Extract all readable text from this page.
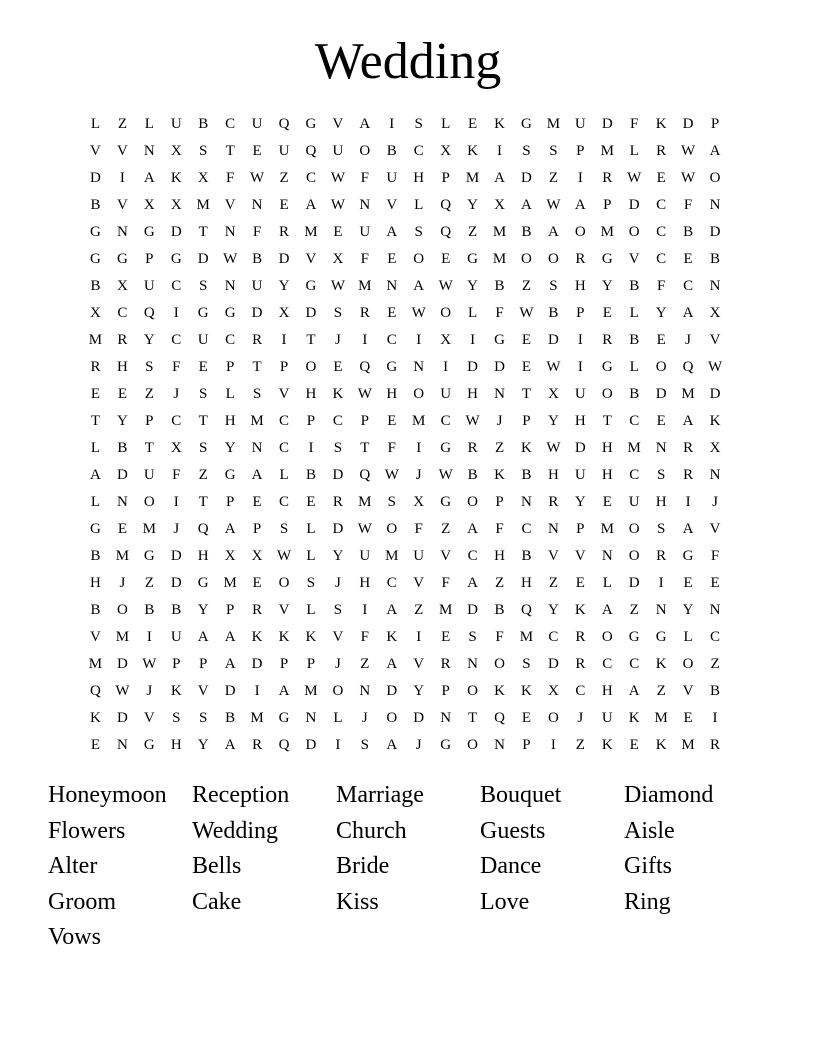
Wedding
L	Z	L	U	B	C	U	Q	G	V	A	I	S	L	E	K	G M U	D	F	K	D	P
V	V	N	X	S	T	E	U	Q	U	O	B	C	X	K	I	S	S	P	M	L	R W A
D	I	A	K	X	F	W	Z	C W	F	U	H	P	M A	D	Z	I	R W	E	W O
B	V	X	X M V	N	E	A W N	V	L	Q	Y	X	A W A	P	D	C	F	N
G	N	G	D	T	N	F	R	M	E	U	A	S	Q	Z	M	B	A	O M O	C	B	D
G	G	P	G	D W B	D	V	X	F	E	O	E	G M O	O	R	G	V	C	E	B
B	X	U	C	S	N	U	Y	G W M N	A W Y	B	Z	S	H	Y	B	F	C	N
X	C	Q	I	G	G	D	X	D	S	R	E	W O	L	F	W B	P	E	L	Y	A	X
M	R	Y	C	U	C	R	I	T	J	I	C	I	X	I	G	E	D	I	R	B	E	J	V
R	H	S	F	E	P	T	P	O	E	Q	G	N	I	D	D	E	W	I	G	L	O	Q W
E	E	Z	J	S	L	S	V	H	K W H	O	U	H	N	T	X	U	O	B	D M D
T	Y	P	C	T	H M	C	P	C	P	E	M	C W	J	P	Y	H	T	C	E	A	K
L	B	T	X	S	Y	N	C	I	S	T	F	I	G	R	Z	K W D	H M N	R	X
A	D	U	F	Z	G	A	L	B	D	Q W	J	W B	K	B	H	U	H	C	S	R	N
L	N	O	I	T	P	E	C	E	R	M	S	X	G	O	P	N	R	Y	E	U	H	I	J
G	E	M	J	Q	A	P	S	L	D W O	F	Z	A	F	C	N	P	M O	S	A	V
B	M G	D	H	X	X W	L	Y	U M U	V	C	H	B	V	V	N	O	R	G	F
H	J	Z	D	G M	E	O	S	J	H	C	V	F	A	Z	H	Z	E	L	D	I	E	E
B	O	B	B	Y	P	R	V	L	S	I	A	Z	M D	B	Q	Y	K	A	Z	N	Y	N
V M	I	U	A	A	K	K	K	V	F	K	I	E	S	F	M	C	R	O	G	G	L	C
M D W	P	P	A	D	P	P	J	Z	A	V	R	N	O	S	D	R	C	C	K	O	Z
Q W	J	K	V	D	I	A M O	N	D	Y	P	O	K	K	X	C	H	A	Z	V	B
K	D	V	S	S	B	M G	N	L	J	O	D	N	T	Q	E	O	J	U	K M	E	I
E	N	G	H	Y	A	R	Q	D	I	S	A	J	G	O	N	P	I	Z	K	E	K M	R
Honeymoon	Reception	Marriage	Bouquet	Diamond
Flowers	Wedding	Church	Guests	Aisle
Alter	Bells	Bride	Dance	Gifts
Groom	Cake	Kiss	Love	Ring
Vows
